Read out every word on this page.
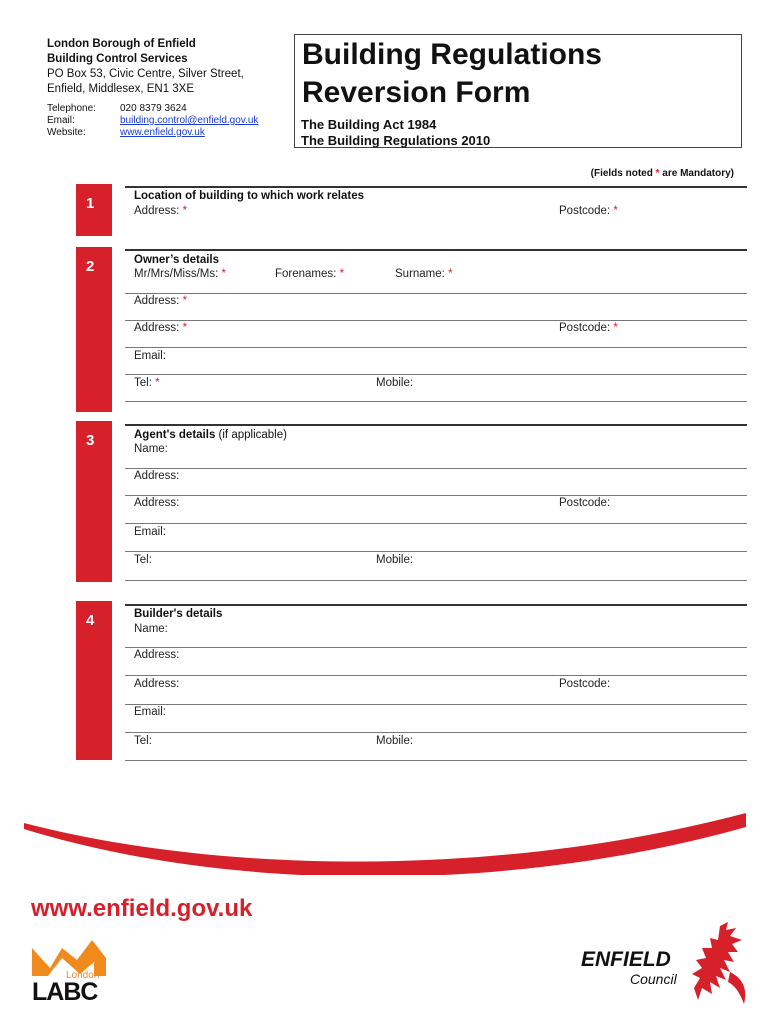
London Borough of Enfield
Building Control Services
PO Box 53, Civic Centre, Silver Street,
Enfield, Middlesex, EN1 3XE
Telephone:	020 8379 3624
Email:	building.control@enfield.gov.uk
Website:	www.enfield.gov.uk
Building Regulations
Reversion Form
The Building Act 1984
The Building Regulations 2010
(Fields noted * are Mandatory)
1	Location of building to which work relates
Address: *	Postcode: *
2	Owner’s details
Mr/Mrs/Miss/Ms: *	Forenames: *	Surname: *
Address: *
Address: *	Postcode: *
Email:
Tel: *	Mobile:
3	Agent's details (if applicable)
Name:
Address:
Address:	Postcode:
Email:
Tel:	Mobile:
4	Builder's details
Name:
Address:
Address:	Postcode:
Email:
Tel:	Mobile:
www.enfield.gov.uk
London
LABC
ENFIELD
Council
